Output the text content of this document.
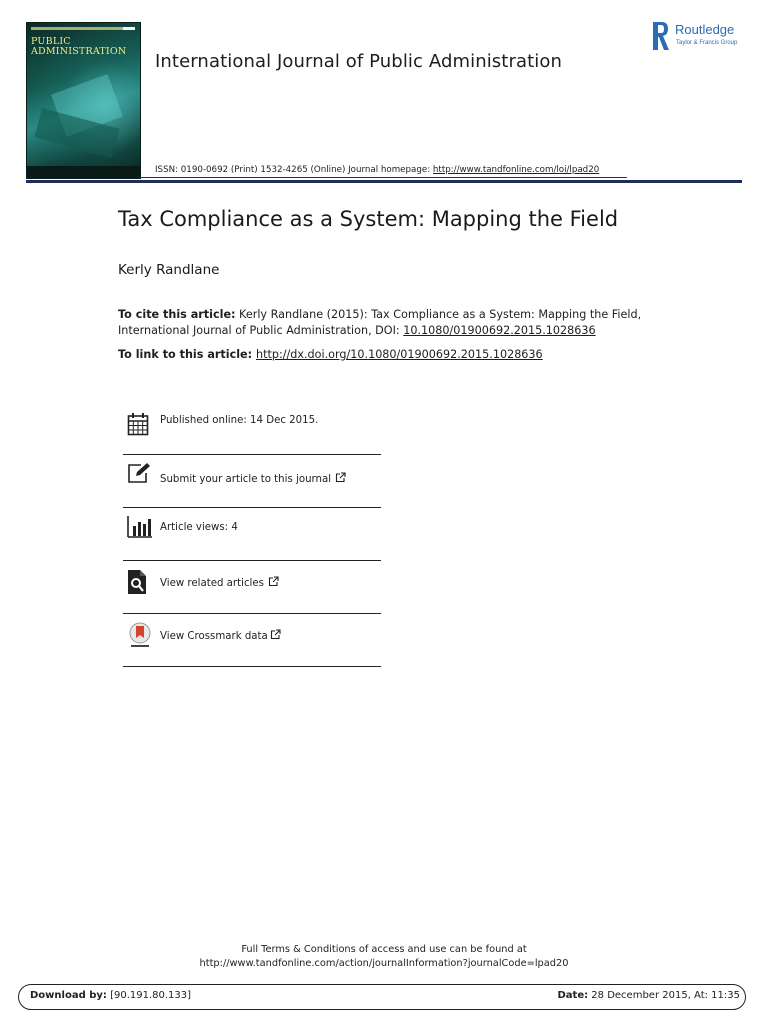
PUBLIC
ADMINISTRATION	International Journal of Public Administration
Routledge
Taylor & Francis Group
ISSN: 0190-0692 (Print) 1532-4265 (Online) Journal homepage: http://www.tandfonline.com/loi/lpad20
Tax Compliance as a System: Mapping the Field
Kerly Randlane
To cite this article: Kerly Randlane (2015): Tax Compliance as a System: Mapping the Field,
International Journal of Public Administration, DOI: 10.1080/01900692.2015.1028636
To link to this article: http://dx.doi.org/10.1080/01900692.2015.1028636
Published online: 14 Dec 2015.
Submit your article to this journal
Article views: 4
View related articles
View Crossmark data
Full Terms & Conditions of access and use can be found at
http://www.tandfonline.com/action/journalInformation?journalCode=lpad20
Download by: [90.191.80.133]	Date: 28 December 2015, At: 11:35
